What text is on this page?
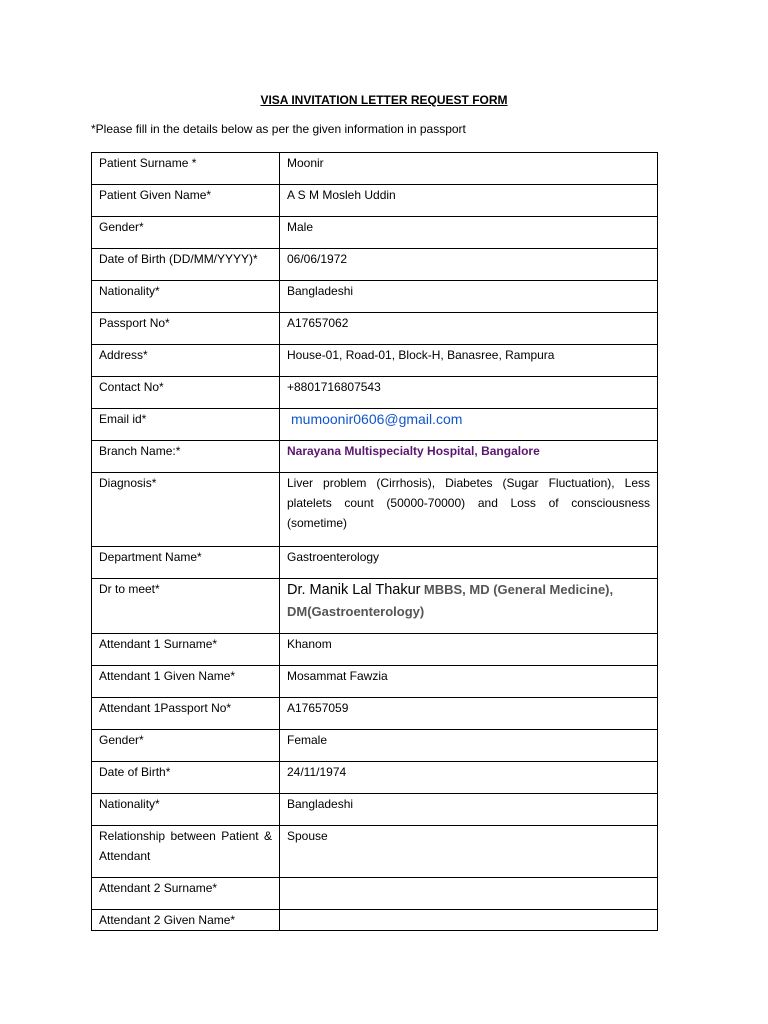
VISA INVITATION LETTER REQUEST FORM
*Please fill in the details below as per the given information in passport
Patient Surname *	Moonir
Patient Given Name*	A S M Mosleh Uddin
Gender*	Male
Date of Birth (DD/MM/YYYY)*	06/06/1972
Nationality*	Bangladeshi
Passport No*	A17657062
Address*	House-01, Road-01, Block-H, Banasree, Rampura
Contact No*	+8801716807543
Email id*	mumoonir0606@gmail.com
Branch Name:*	Narayana Multispecialty Hospital, Bangalore
Diagnosis*	Liver problem (Cirrhosis), Diabetes (Sugar Fluctuation), Less platelets count (50000-70000) and Loss of consciousness (sometime)
Department Name*	Gastroenterology
Dr to meet*	Dr. Manik Lal Thakur MBBS, MD (General Medicine), DM(Gastroenterology)
Attendant 1 Surname*	Khanom
Attendant 1 Given Name*	Mosammat Fawzia
Attendant 1Passport No*	A17657059
Gender*	Female
Date of Birth*	24/11/1974
Nationality*	Bangladeshi
Relationship between Patient & Attendant	Spouse
Attendant 2 Surname*	
Attendant 2 Given Name*	
